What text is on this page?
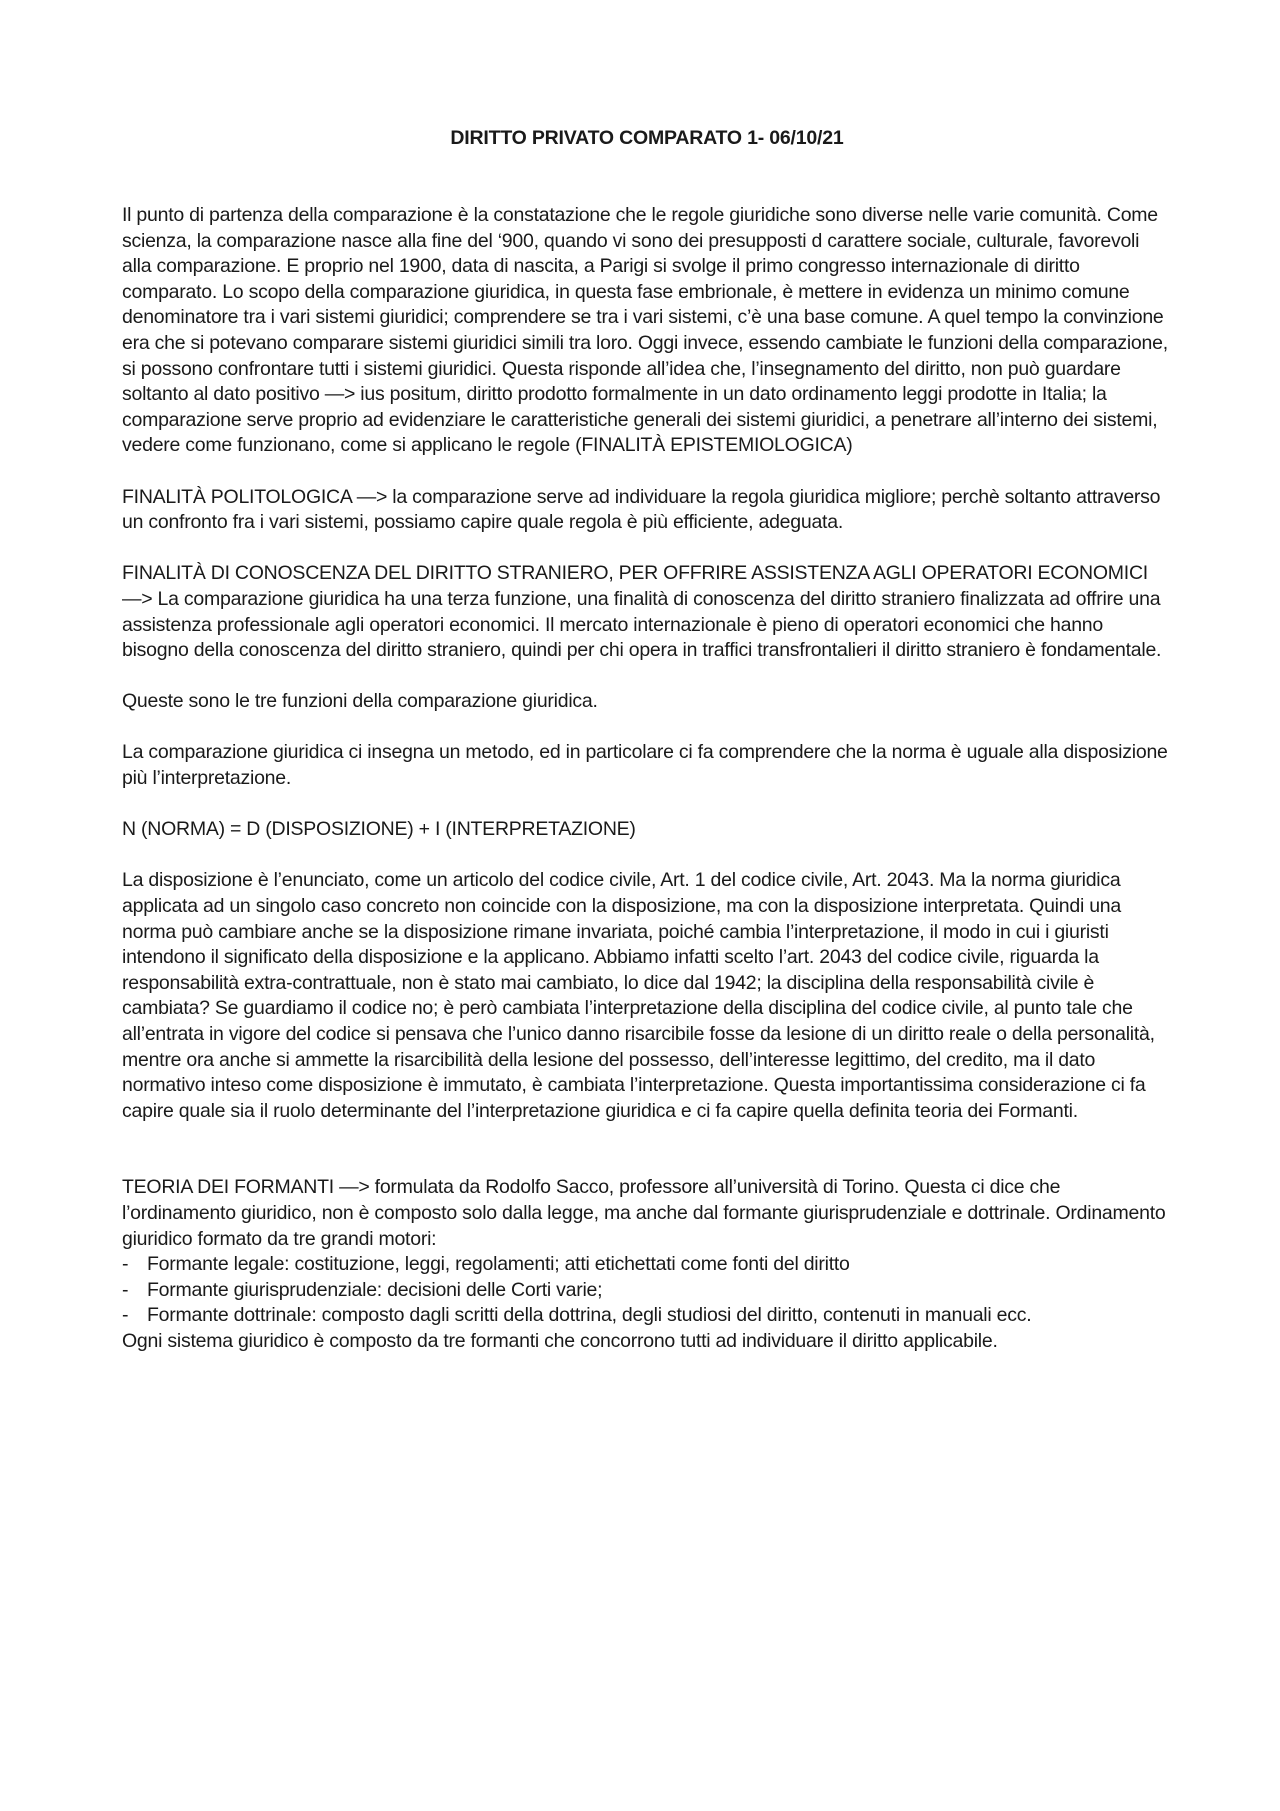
DIRITTO PRIVATO COMPARATO 1- 06/10/21

Il punto di partenza della comparazione è la constatazione che le regole giuridiche sono diverse nelle varie comunità. Come scienza, la comparazione nasce alla fine del ‘900, quando vi sono dei presupposti d carattere sociale, culturale, favorevoli alla comparazione. E proprio nel 1900, data di nascita, a Parigi si svolge il primo congresso internazionale di diritto comparato. Lo scopo della comparazione giuridica, in questa fase embrionale, è mettere in evidenza un minimo comune denominatore tra i vari sistemi giuridici; comprendere se tra i vari sistemi, c’è una base comune. A quel tempo la convinzione era che si potevano comparare sistemi giuridici simili tra loro. Oggi invece, essendo cambiate le funzioni della comparazione, si possono confrontare tutti i sistemi giuridici. Questa risponde all’idea che, l’insegnamento del diritto, non può guardare soltanto al dato positivo —> ius positum, diritto prodotto formalmente in un dato ordinamento leggi prodotte in Italia; la comparazione serve proprio ad evidenziare le caratteristiche generali dei sistemi giuridici, a penetrare all’interno dei sistemi, vedere come funzionano, come si applicano le regole (FINALITÀ EPISTEMIOLOGICA)

FINALITÀ POLITOLOGICA —> la comparazione serve ad individuare la regola giuridica migliore; perchè soltanto attraverso un confronto fra i vari sistemi, possiamo capire quale regola è più efficiente, adeguata.

FINALITÀ DI CONOSCENZA DEL DIRITTO STRANIERO, PER OFFRIRE ASSISTENZA AGLI OPERATORI ECONOMICI —> La comparazione giuridica ha una terza funzione, una finalità di conoscenza del diritto straniero finalizzata ad offrire una assistenza professionale agli operatori economici. Il mercato internazionale è pieno di operatori economici che hanno bisogno della conoscenza del diritto straniero, quindi per chi opera in traffici transfrontalieri il diritto straniero è fondamentale.

Queste sono le tre funzioni della comparazione giuridica.

La comparazione giuridica ci insegna un metodo, ed in particolare ci fa comprendere che la norma è uguale alla disposizione più l’interpretazione.

N (NORMA) = D (DISPOSIZIONE) + I (INTERPRETAZIONE)

La disposizione è l’enunciato, come un articolo del codice civile, Art. 1 del codice civile, Art. 2043. Ma la norma giuridica applicata ad un singolo caso concreto non coincide con la disposizione, ma con la disposizione interpretata. Quindi una norma può cambiare anche se la disposizione rimane invariata, poiché cambia l’interpretazione, il modo in cui i giuristi intendono il significato della disposizione e la applicano. Abbiamo infatti scelto l’art. 2043 del codice civile, riguarda la responsabilità extra-contrattuale, non è stato mai cambiato, lo dice dal 1942; la disciplina della responsabilità civile è cambiata? Se guardiamo il codice no; è però cambiata l’interpretazione della disciplina del codice civile, al punto tale che all’entrata in vigore del codice si pensava che l’unico danno risarcibile fosse da lesione di un diritto reale o della personalità, mentre ora anche si ammette la risarcibilità della lesione del possesso, dell’interesse legittimo, del credito, ma il dato normativo inteso come disposizione è immutato, è cambiata l’interpretazione. Questa importantissima considerazione ci fa capire quale sia il ruolo determinante del l’interpretazione giuridica e ci fa capire quella definita teoria dei Formanti.

TEORIA DEI FORMANTI —> formulata da Rodolfo Sacco, professore all’università di Torino. Questa ci dice che l’ordinamento giuridico, non è composto solo dalla legge, ma anche dal formante giurisprudenziale e dottrinale. Ordinamento giuridico formato da tre grandi motori:

- Formante legale: costituzione, leggi, regolamenti; atti etichettati come fonti del diritto
- Formante giurisprudenziale: decisioni delle Corti varie;
- Formante dottrinale: composto dagli scritti della dottrina, degli studiosi del diritto, contenuti in manuali ecc.

Ogni sistema giuridico è composto da tre formanti che concorrono tutti ad individuare il diritto applicabile.
